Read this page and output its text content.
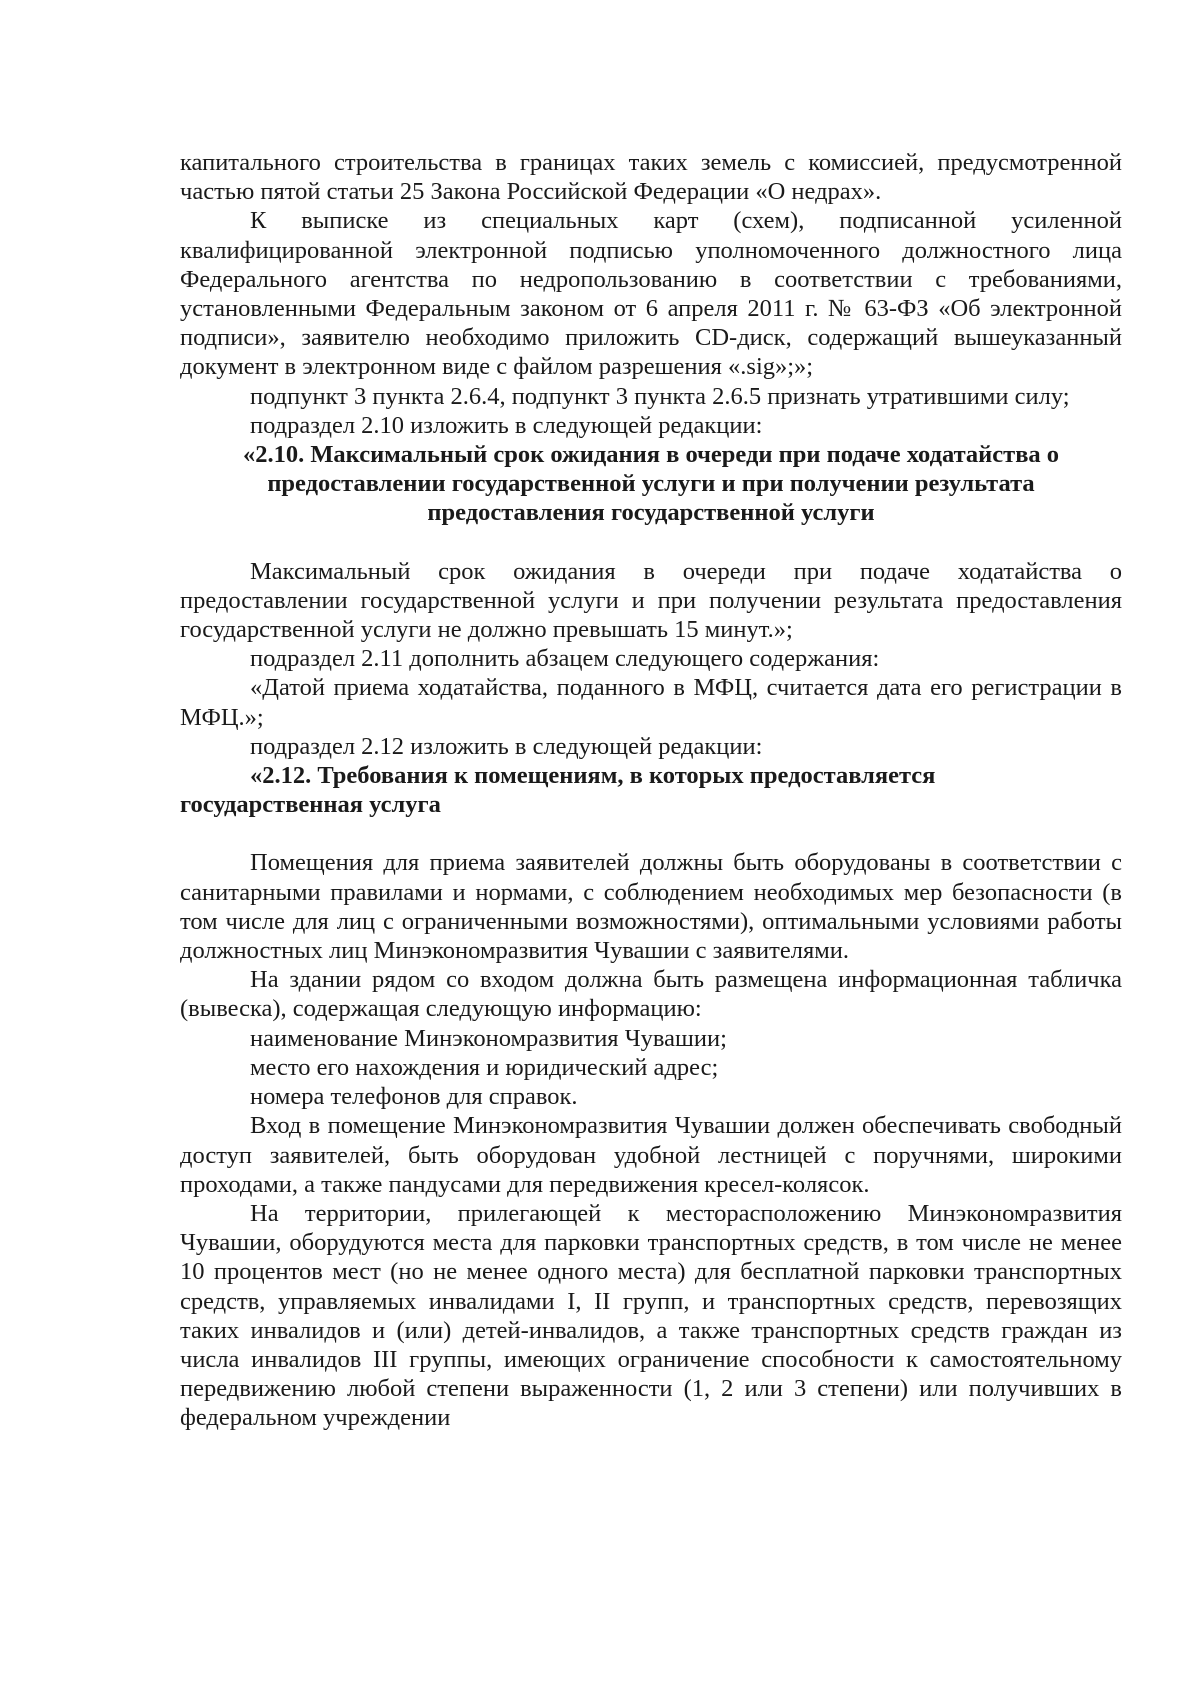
капитального строительства в границах таких земель с комиссией, предусмотренной частью пятой статьи 25 Закона Российской Федерации «О недрах».

К выписке из специальных карт (схем), подписанной усиленной квалифицированной электронной подписью уполномоченного должностного лица Федерального агентства по недропользованию в соответствии с требованиями, установленными Федеральным законом от 6 апреля 2011 г. № 63-ФЗ «Об электронной подписи», заявителю необходимо приложить CD-диск, содержащий вышеуказанный документ в электронном виде с файлом разрешения «.sig»;»;

подпункт 3 пункта 2.6.4, подпункт 3 пункта 2.6.5 признать утратившими силу;

подраздел 2.10 изложить в следующей редакции:

«2.10. Максимальный срок ожидания в очереди при подаче ходатайства о предоставлении государственной услуги и при получении результата предоставления государственной услуги

Максимальный срок ожидания в очереди при подаче ходатайства о предоставлении государственной услуги и при получении результата предоставления государственной услуги не должно превышать 15 минут.»;

подраздел 2.11 дополнить абзацем следующего содержания:

«Датой приема ходатайства, поданного в МФЦ, считается дата его регистрации в МФЦ.»;

подраздел 2.12 изложить в следующей редакции:

«2.12. Требования к помещениям, в которых предоставляется государственная услуга

Помещения для приема заявителей должны быть оборудованы в соответствии с санитарными правилами и нормами, с соблюдением необходимых мер безопасности (в том числе для лиц с ограниченными возможностями), оптимальными условиями работы должностных лиц Минэкономразвития Чувашии с заявителями.

На здании рядом со входом должна быть размещена информационная табличка (вывеска), содержащая следующую информацию:

наименование Минэкономразвития Чувашии;

место его нахождения и юридический адрес;

номера телефонов для справок.

Вход в помещение Минэкономразвития Чувашии должен обеспечивать свободный доступ заявителей, быть оборудован удобной лестницей с поручнями, широкими проходами, а также пандусами для передвижения кресел-колясок.

На территории, прилегающей к месторасположению Минэкономразвития Чувашии, оборудуются места для парковки транспортных средств, в том числе не менее 10 процентов мест (но не менее одного места) для бесплатной парковки транспортных средств, управляемых инвалидами I, II групп, и транспортных средств, перевозящих таких инвалидов и (или) детей-инвалидов, а также транспортных средств граждан из числа инвалидов III группы, имеющих ограничение способности к самостоятельному передвижению любой степени выраженности (1, 2 или 3 степени) или получивших в федеральном учреждении
